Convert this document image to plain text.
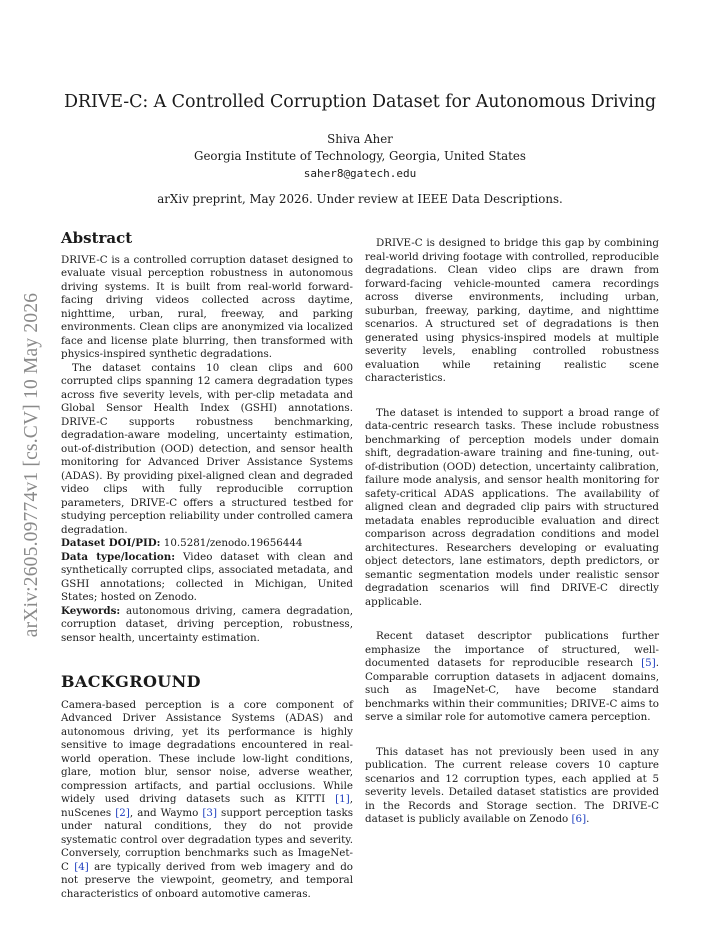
DRIVE-C: A Controlled Corruption Dataset for Autonomous Driving
Shiva Aher
Georgia Institute of Technology, Georgia, United States
saher8@gatech.edu
arXiv preprint, May 2026. Under review at IEEE Data Descriptions.
arXiv:2605.09774v1 [cs.CV] 10 May 2026
Abstract

DRIVE-C is a controlled corruption dataset designed to evaluate visual perception robustness in autonomous driving systems. It is built from real-world forward-facing driving videos collected across daytime, nighttime, urban, rural, freeway, and parking environments. Clean clips are anonymized via localized face and license plate blurring, then transformed with physics-inspired synthetic degradations.

The dataset contains 10 clean clips and 600 corrupted clips spanning 12 camera degradation types across five severity levels, with per-clip metadata and Global Sensor Health Index (GSHI) annotations. DRIVE-C supports robustness benchmarking, degradation-aware modeling, uncertainty estimation, out-of-distribution (OOD) detection, and sensor health monitoring for Advanced Driver Assistance Systems (ADAS). By providing pixel-aligned clean and degraded video clips with fully reproducible corruption parameters, DRIVE-C offers a structured testbed for studying perception reliability under controlled camera degradation.

Dataset DOI/PID: 10.5281/zenodo.19656444

Data type/location: Video dataset with clean and synthetically corrupted clips, associated metadata, and GSHI annotations; collected in Michigan, United States; hosted on Zenodo.

Keywords: autonomous driving, camera degradation, corruption dataset, driving perception, robustness, sensor health, uncertainty estimation.

BACKGROUND

Camera-based perception is a core component of Advanced Driver Assistance Systems (ADAS) and autonomous driving, yet its performance is highly sensitive to image degradations encountered in real-world operation. These include low-light conditions, glare, motion blur, sensor noise, adverse weather, compression artifacts, and partial occlusions. While widely used driving datasets such as KITTI [1], nuScenes [2], and Waymo [3] support perception tasks under natural conditions, they do not provide systematic control over degradation types and severity. Conversely, corruption benchmarks such as ImageNet-C [4] are typically derived from web imagery and do not preserve the viewpoint, geometry, and temporal characteristics of onboard automotive cameras.

DRIVE-C is designed to bridge this gap by combining real-world driving footage with controlled, reproducible degradations. Clean video clips are drawn from forward-facing vehicle-mounted camera recordings across diverse environments, including urban, suburban, freeway, parking, daytime, and nighttime scenarios. A structured set of degradations is then generated using physics-inspired models at multiple severity levels, enabling controlled robustness evaluation while retaining realistic scene characteristics.

The dataset is intended to support a broad range of data-centric research tasks. These include robustness benchmarking of perception models under domain shift, degradation-aware training and fine-tuning, out-of-distribution (OOD) detection, uncertainty calibration, failure mode analysis, and sensor health monitoring for safety-critical ADAS applications. The availability of aligned clean and degraded clip pairs with structured metadata enables reproducible evaluation and direct comparison across degradation conditions and model architectures. Researchers developing or evaluating object detectors, lane estimators, depth predictors, or semantic segmentation models under realistic sensor degradation scenarios will find DRIVE-C directly applicable.

Recent dataset descriptor publications further emphasize the importance of structured, well-documented datasets for reproducible research [5]. Comparable corruption datasets in adjacent domains, such as ImageNet-C, have become standard benchmarks within their communities; DRIVE-C aims to serve a similar role for automotive camera perception.

This dataset has not previously been used in any publication. The current release covers 10 capture scenarios and 12 corruption types, each applied at 5 severity levels. Detailed dataset statistics are provided in the Records and Storage section. The DRIVE-C dataset is publicly available on Zenodo [6].
